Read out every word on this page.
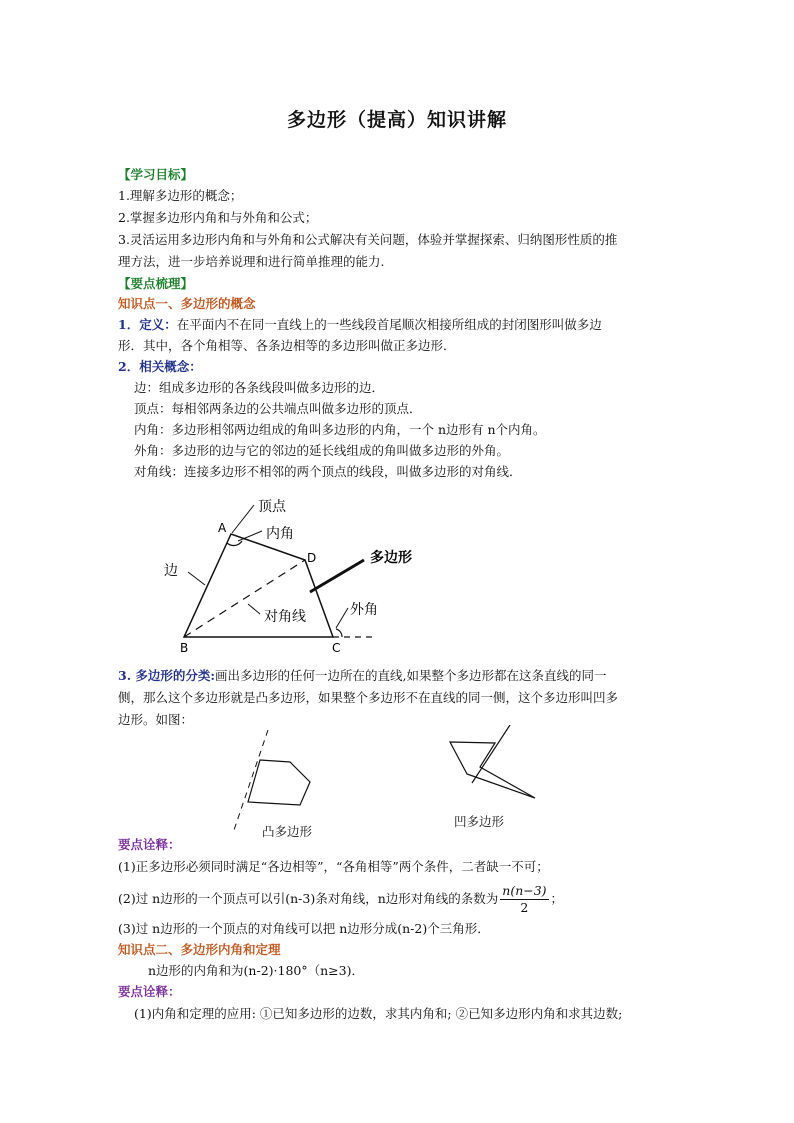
多边形（提高）知识讲解
【学习目标】
1.理解多边形的概念；
2.掌握多边形内角和与外角和公式；
3.灵活运用多边形内角和与外角和公式解决有关问题，体验并掌握探索、归纳图形性质的推
理方法，进一步培养说理和进行简单推理的能力.
【要点梳理】
知识点一、多边形的概念
1．定义：在平面内不在同一直线上的一些线段首尾顺次相接所组成的封闭图形叫做多边
形．其中，各个角相等、各条边相等的多边形叫做正多边形．
2．相关概念：
边：组成多边形的各条线段叫做多边形的边．
顶点：每相邻两条边的公共端点叫做多边形的顶点．
内角：多边形相邻两边组成的角叫多边形的内角，一个 n边形有 n个内角。
外角：多边形的边与它的邻边的延长线组成的角叫做多边形的外角。
对角线：连接多边形不相邻的两个顶点的线段，叫做多边形的对角线．
顶点
A	内角
D	多边形
边
对角线	外角
B	C
3. 多边形的分类:画出多边形的任何一边所在的直线,如果整个多边形都在这条直线的同一
侧，那么这个多边形就是凸多边形，如果整个多边形不在直线的同一侧，这个多边形叫凹多
边形。如图：
凸多边形
凹多边形
要点诠释：
(1)正多边形必须同时满足“各边相等”，“各角相等”两个条件，二者缺一不可；
(2)过 n边形的一个顶点可以引(n-3)条对角线，n边形对角线的条数为 $\frac{n(n-3)}{2}$ ；
(3)过 n边形的一个顶点的对角线可以把 n边形分成(n-2)个三角形．
知识点二、多边形内角和定理
n边形的内角和为(n-2)·180°（n≥3)．
要点诠释：
(1)内角和定理的应用: ①已知多边形的边数，求其内角和; ②已知多边形内角和求其边数;
